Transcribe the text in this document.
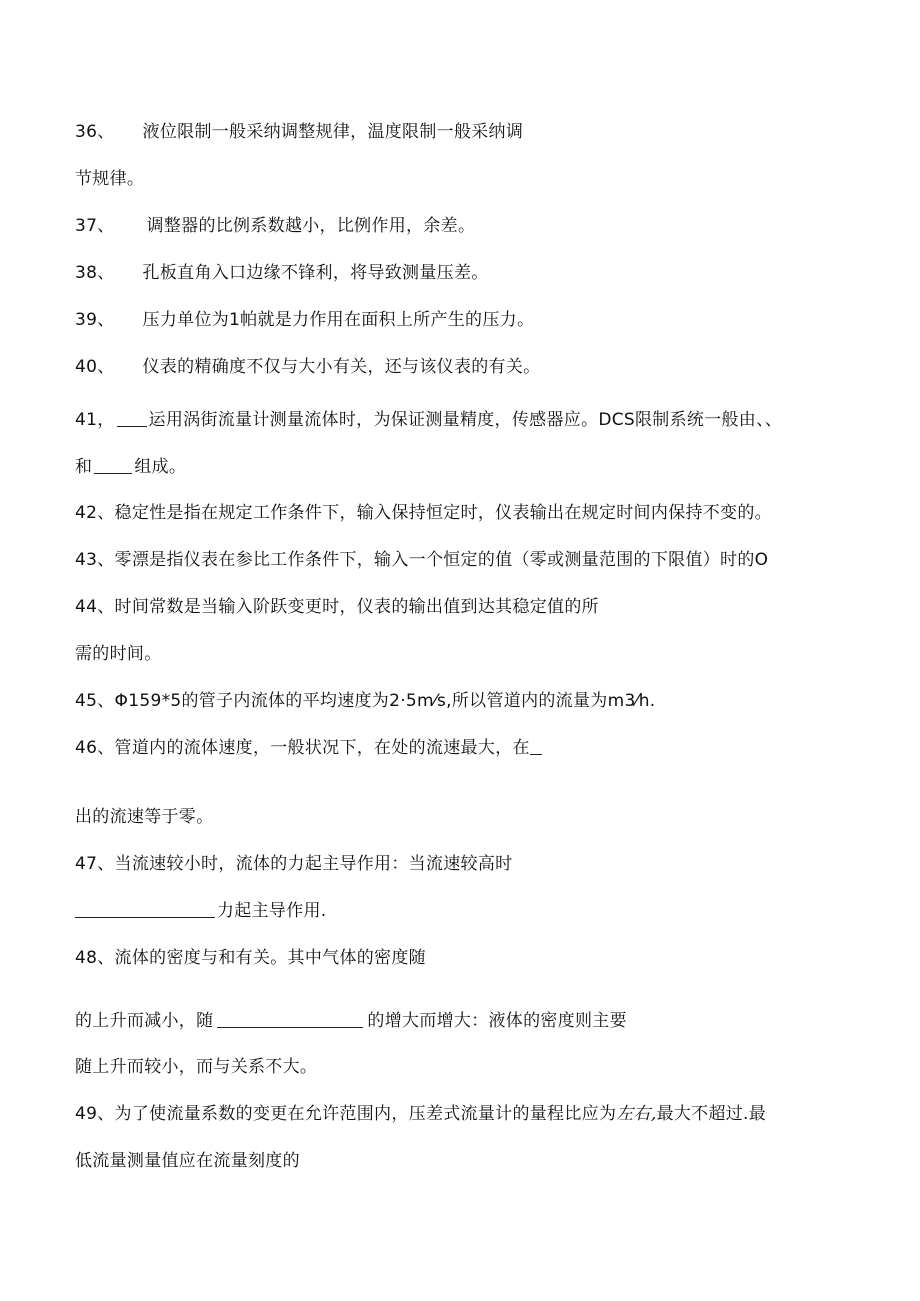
36、 液位限制一般采纳调整规律，温度限制一般采纳调
节规律。
37、 调整器的比例系数越小，比例作用，余差。
38、 孔板直角入口边缘不锋利，将导致测量压差。
39、 压力单位为1帕就是力作用在面积上所产生的压力。
40、 仪表的精确度不仅与大小有关，还与该仪表的有关。
41， 运用涡街流量计测量流体时，为保证测量精度，传感器应。DCS限制系统一般由、、
和 组成。
42、稳定性是指在规定工作条件下，输入保持恒定时，仪表输出在规定时间内保持不变的。
43、零漂是指仪表在参比工作条件下，输入一个恒定的值（零或测量范围的下限值）时的O
44、时间常数是当输入阶跃变更时，仪表的输出值到达其稳定值的所
需的时间。
45、Φ159*5的管子内流体的平均速度为2·5m⁄s,所以管道内的流量为m3⁄h.
46、管道内的流体速度，一般状况下，在处的流速最大，在
出的流速等于零。
47、当流速较小时，流体的力起主导作用：当流速较高时
力起主导作用.
48、流体的密度与和有关。其中气体的密度随
的上升而减小，随	的增大而增大：液体的密度则主要
随上升而较小，而与关系不大。
49、为了使流量系数的变更在允许范围内，压差式流量计的量程比应为左右,最大不超过.最
低流量测量值应在流量刻度的
